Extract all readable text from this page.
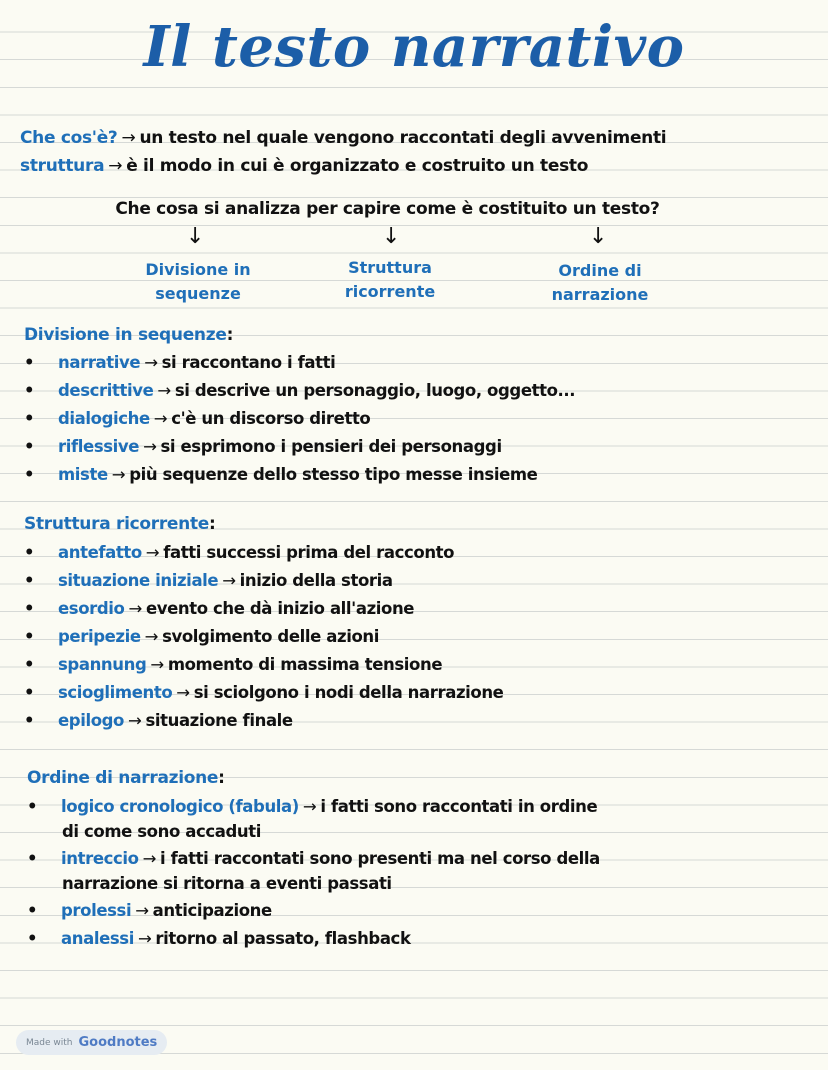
Il testo narrativo
Che cos'è? → un testo nel quale vengono raccontati degli avvenimenti
struttura → è il modo in cui è organizzato e costruito un testo
Che cosa si analizza per capire come è costituito un testo?
↓	↓	↓
Divisione in sequenze
Struttura ricorrente
Ordine di narrazione
Divisione in sequenze:
• narrative → si raccontano i fatti
• descrittive → si descrive un personaggio, luogo, oggetto...
• dialogiche → c'è un discorso diretto
• riflessive → si esprimono i pensieri dei personaggi
• miste → più sequenze dello stesso tipo messe insieme
Struttura ricorrente:
• antefatto → fatti successi prima del racconto
• situazione iniziale → inizio della storia
• esordio → evento che dà inizio all'azione
• peripezie → svolgimento delle azioni
• spannung → momento di massima tensione
• scioglimento → si sciolgono i nodi della narrazione
• epilogo → situazione finale
Ordine di narrazione:
• logico cronologico (fabula) → i fatti sono raccontati in ordine
di come sono accaduti
• intreccio → i fatti raccontati sono presenti ma nel corso della
narrazione si ritorna a eventi passati
• prolessi → anticipazione
• analessi → ritorno al passato, flashback
Made with Goodnotes
